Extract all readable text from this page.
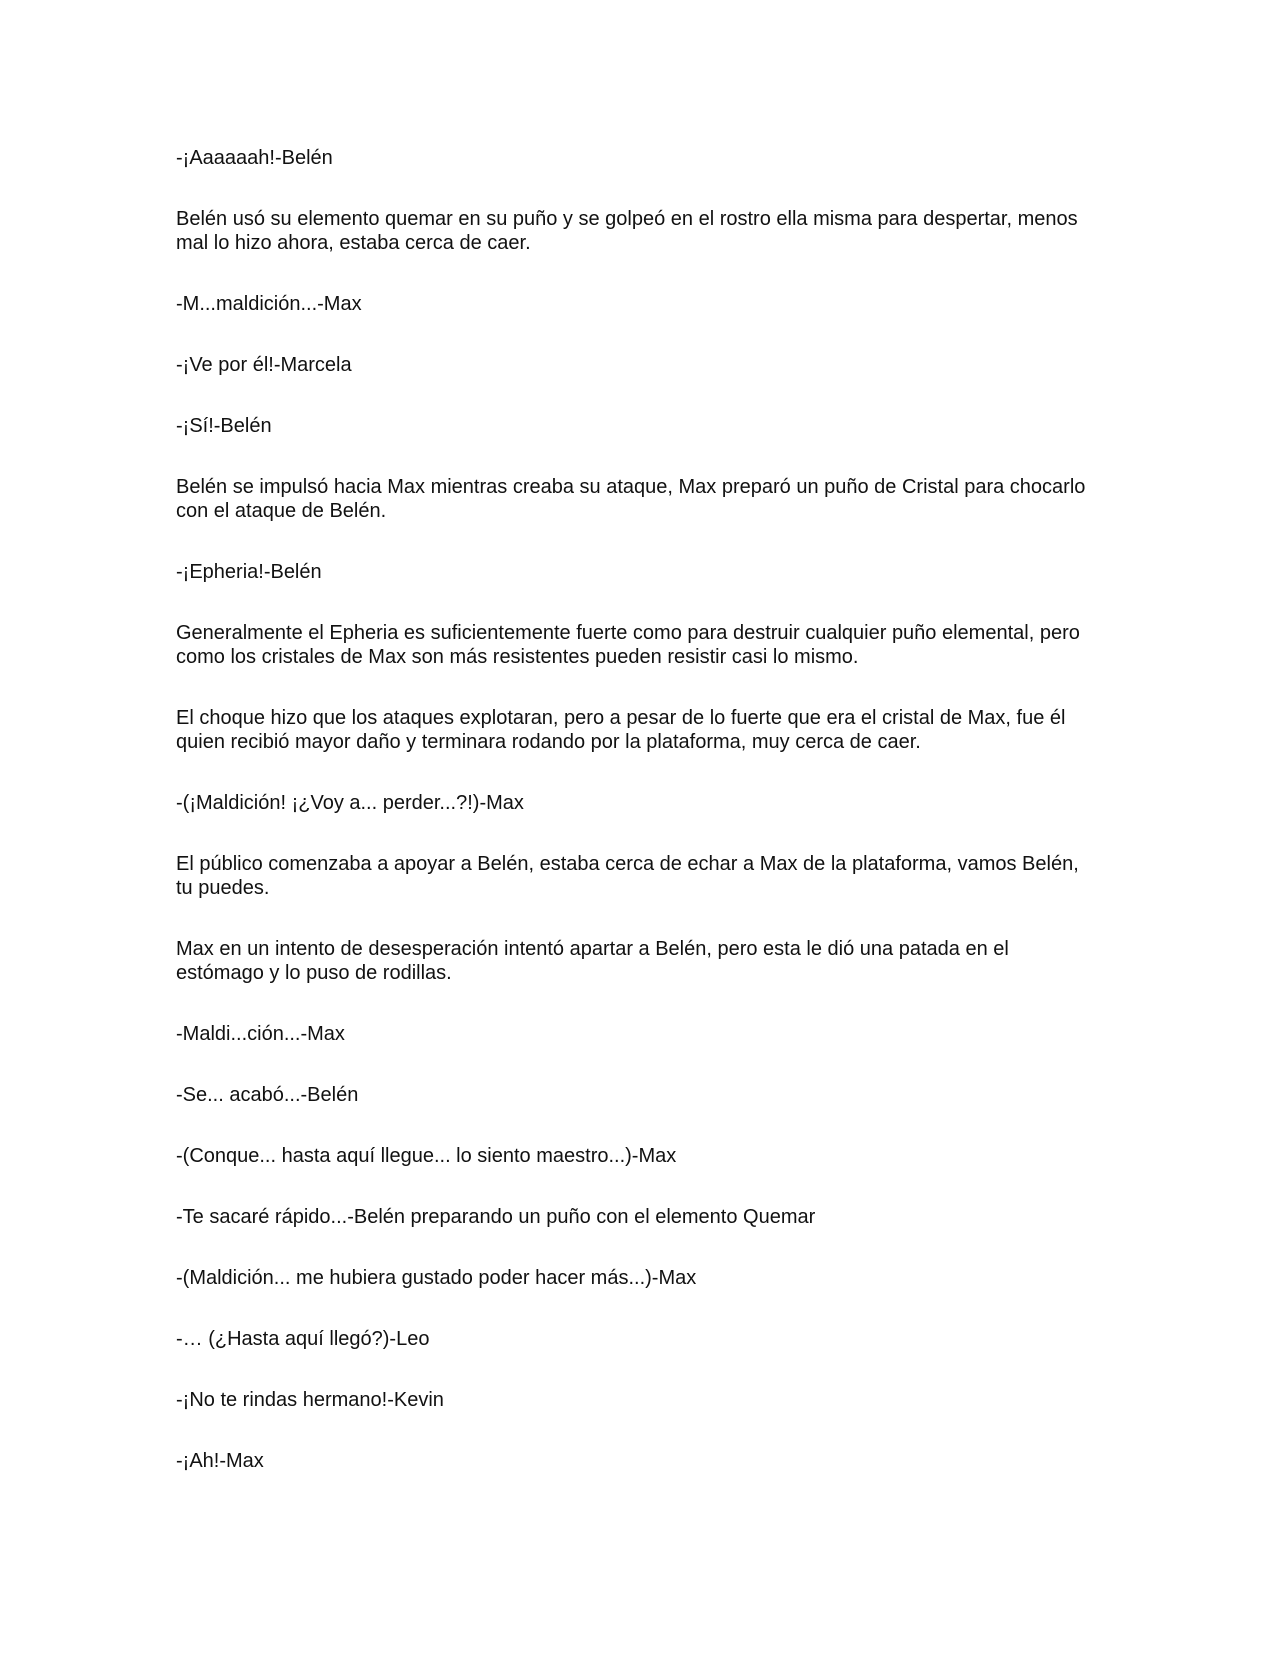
-¡Aaaaaah!-Belén

Belén usó su elemento quemar en su puño y se golpeó en el rostro ella misma para despertar, menos mal lo hizo ahora, estaba cerca de caer.

-M...maldición...-Max

-¡Ve por él!-Marcela

-¡Sí!-Belén

Belén se impulsó hacia Max mientras creaba su ataque, Max preparó un puño de Cristal para chocarlo con el ataque de Belén.

-¡Epheria!-Belén

Generalmente el Epheria es suficientemente fuerte como para destruir cualquier puño elemental, pero como los cristales de Max son más resistentes pueden resistir casi lo mismo.

El choque hizo que los ataques explotaran, pero a pesar de lo fuerte que era el cristal de Max, fue él quien recibió mayor daño y terminara rodando por la plataforma, muy cerca de caer.

-(¡Maldición! ¡¿Voy a... perder...?!)-Max

El público comenzaba a apoyar a Belén, estaba cerca de echar a Max de la plataforma, vamos Belén, tu puedes.

Max en un intento de desesperación intentó apartar a Belén, pero esta le dió una patada en el estómago y lo puso de rodillas.

-Maldi...ción...-Max

-Se... acabó...-Belén

-(Conque... hasta aquí llegue... lo siento maestro...)-Max

-Te sacaré rápido...-Belén preparando un puño con el elemento Quemar

-(Maldición... me hubiera gustado poder hacer más...)-Max

-… (¿Hasta aquí llegó?)-Leo

-¡No te rindas hermano!-Kevin

-¡Ah!-Max
